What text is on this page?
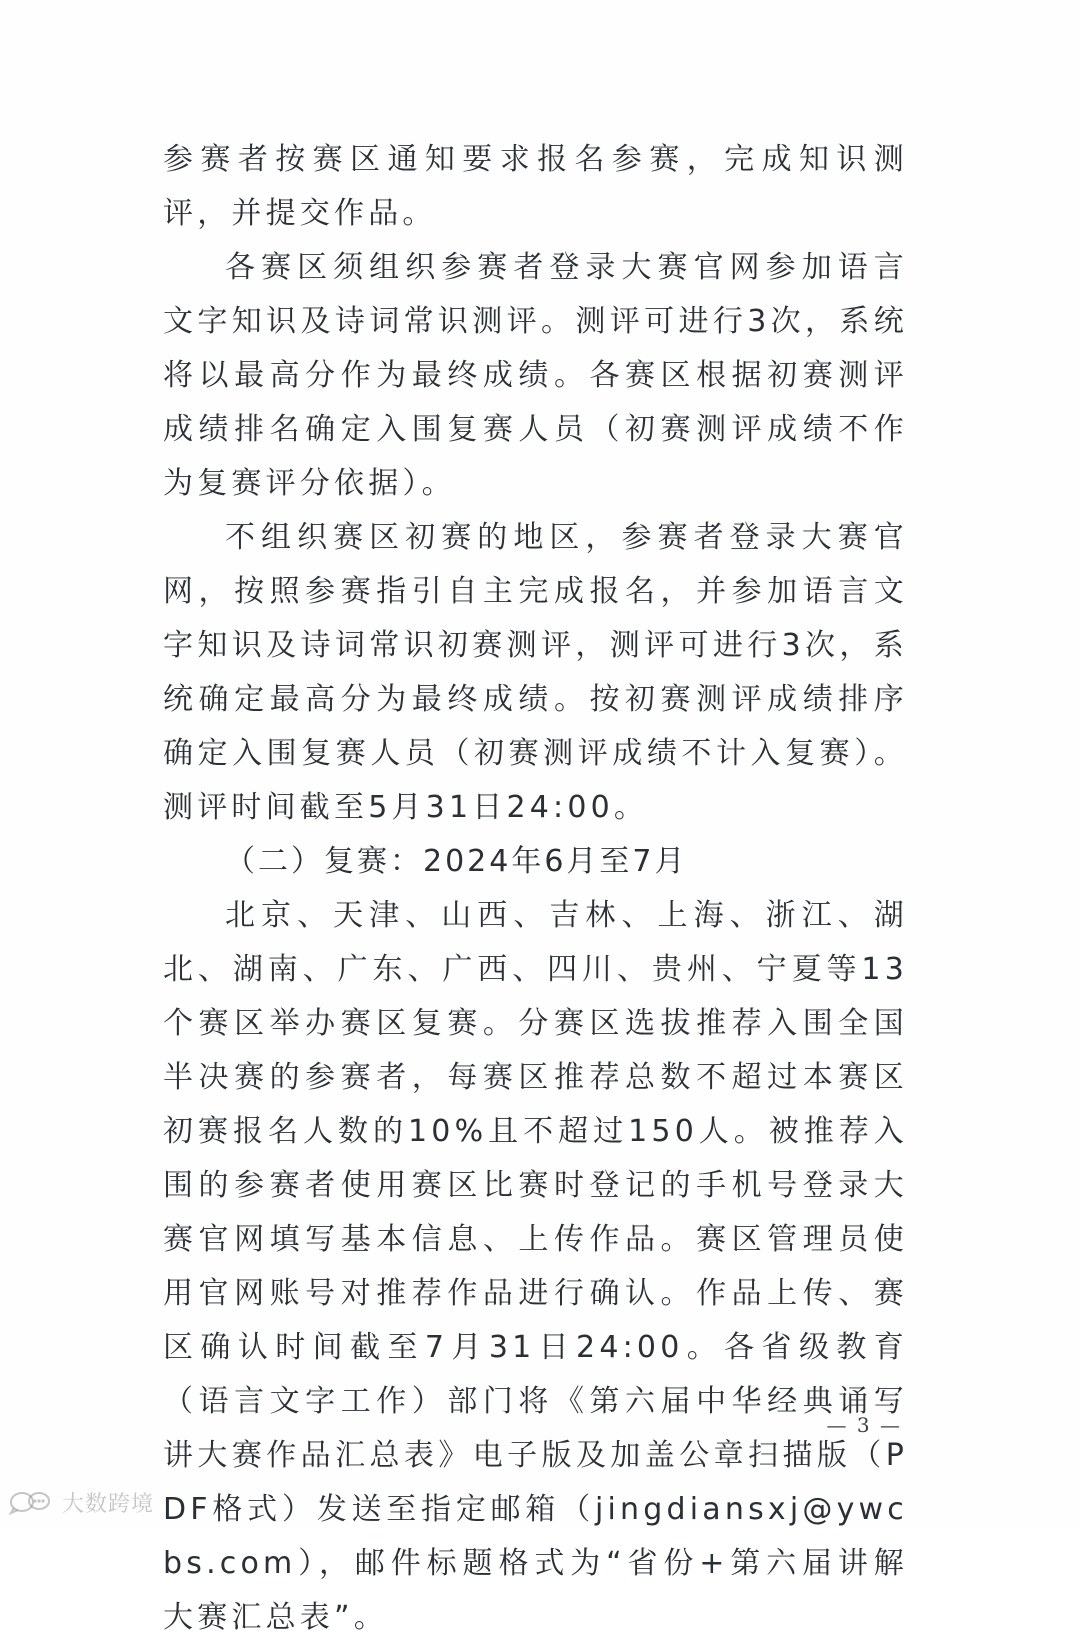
参赛者按赛区通知要求报名参赛，完成知识测评，并提交作品。

各赛区须组织参赛者登录大赛官网参加语言文字知识及诗词常识测评。测评可进行3次，系统将以最高分作为最终成绩。各赛区根据初赛测评成绩排名确定入围复赛人员（初赛测评成绩不作为复赛评分依据）。

不组织赛区初赛的地区，参赛者登录大赛官网，按照参赛指引自主完成报名，并参加语言文字知识及诗词常识初赛测评，测评可进行3次，系统确定最高分为最终成绩。按初赛测评成绩排序确定入围复赛人员（初赛测评成绩不计入复赛）。测评时间截至5月31日24:00。

（二）复赛：2024年6月至7月

北京、天津、山西、吉林、上海、浙江、湖北、湖南、广东、广西、四川、贵州、宁夏等13个赛区举办赛区复赛。分赛区选拔推荐入围全国半决赛的参赛者，每赛区推荐总数不超过本赛区初赛报名人数的10%且不超过150人。被推荐入围的参赛者使用赛区比赛时登记的手机号登录大赛官网填写基本信息、上传作品。赛区管理员使用官网账号对推荐作品进行确认。作品上传、赛区确认时间截至7月31日24:00。各省级教育（语言文字工作）部门将《第六届中华经典诵写讲大赛作品汇总表》电子版及加盖公章扫描版（PDF格式）发送至指定邮箱（jingdiansxj@ywcbs.com），邮件标题格式为“省份+第六届讲解大赛汇总表”。

— 3 —
大数跨境
